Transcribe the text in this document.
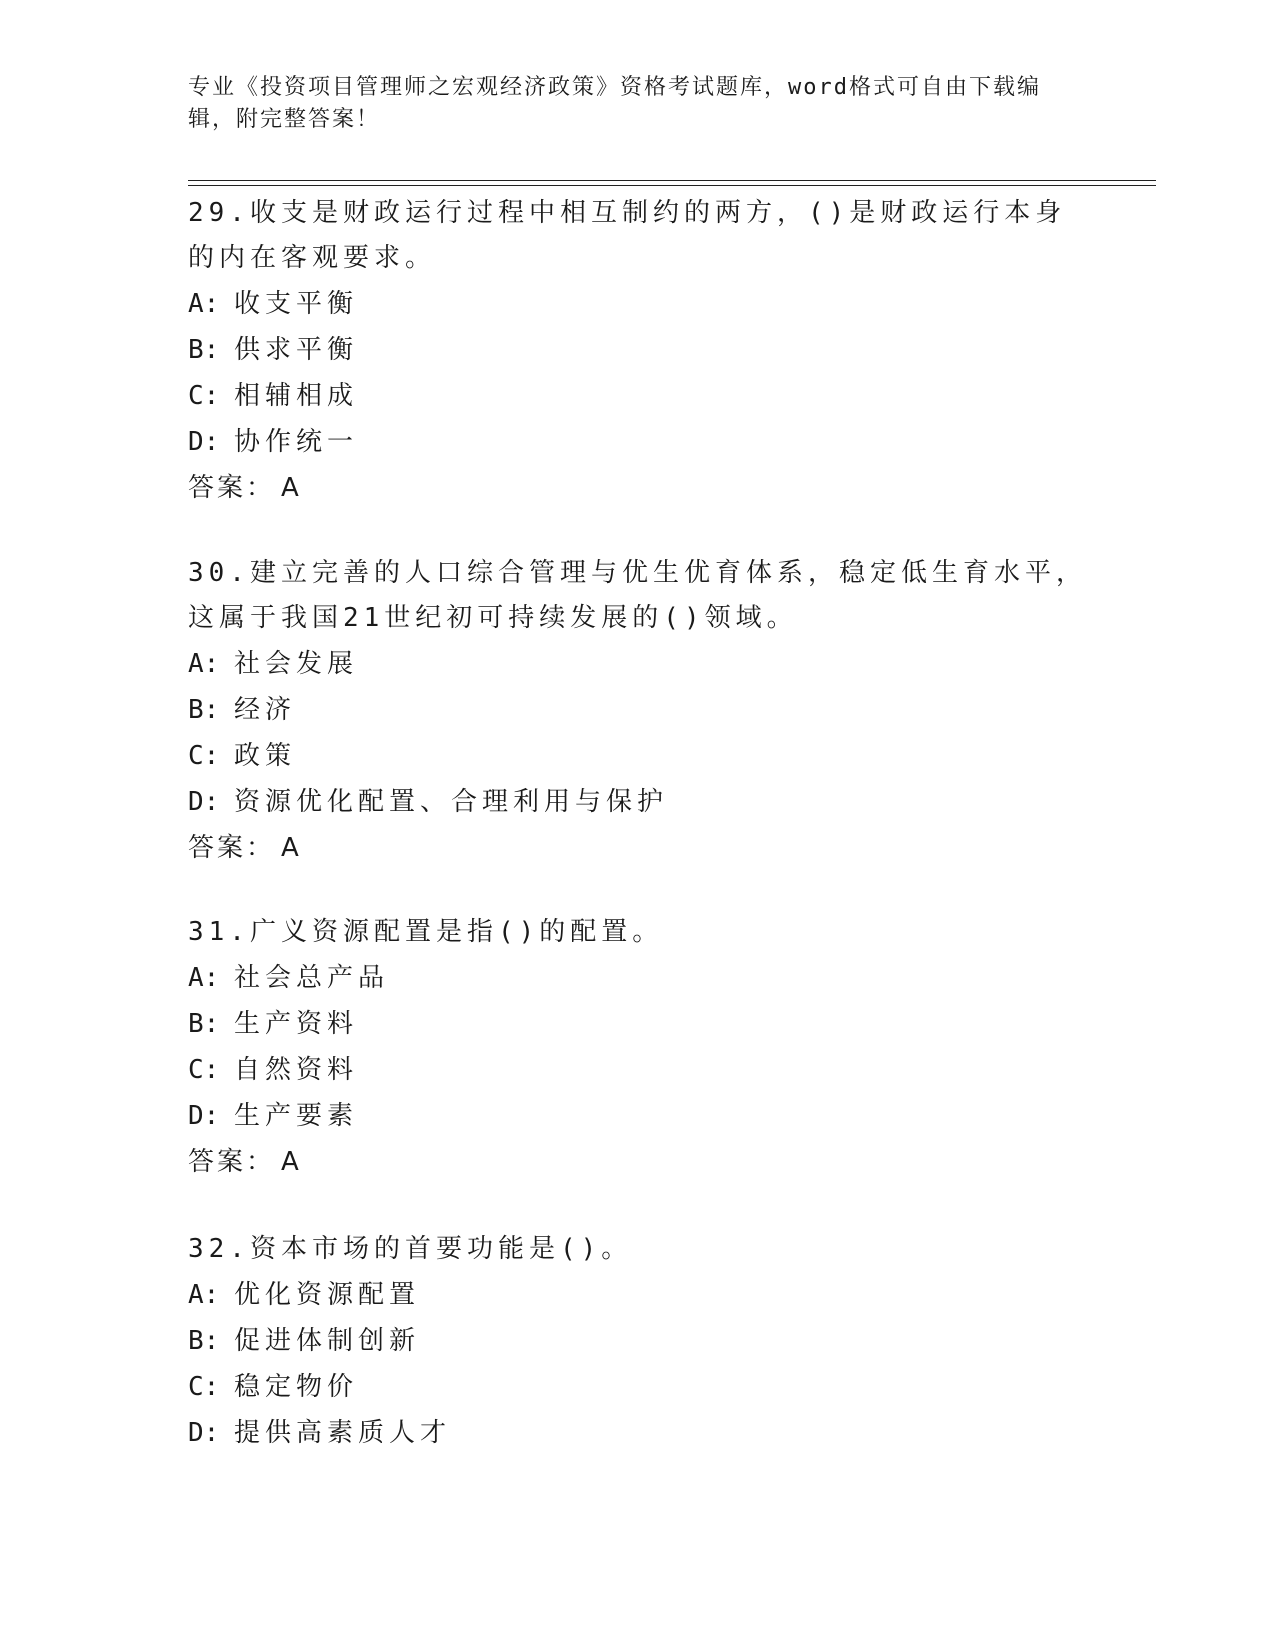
专业《投资项目管理师之宏观经济政策》资格考试题库，word格式可自由下载编辑，附完整答案！

29.收支是财政运行过程中相互制约的两方，()是财政运行本身的内在客观要求。

A: 收支平衡

B: 供求平衡

C: 相辅相成

D: 协作统一

答案： A

30.建立完善的人口综合管理与优生优育体系，稳定低生育水平，这属于我国21世纪初可持续发展的()领域。

A: 社会发展

B: 经济

C: 政策

D: 资源优化配置、合理利用与保护

答案： A

31.广义资源配置是指()的配置。

A: 社会总产品

B: 生产资料

C: 自然资料

D: 生产要素

答案： A

32.资本市场的首要功能是()。

A: 优化资源配置

B: 促进体制创新

C: 稳定物价

D: 提供高素质人才
